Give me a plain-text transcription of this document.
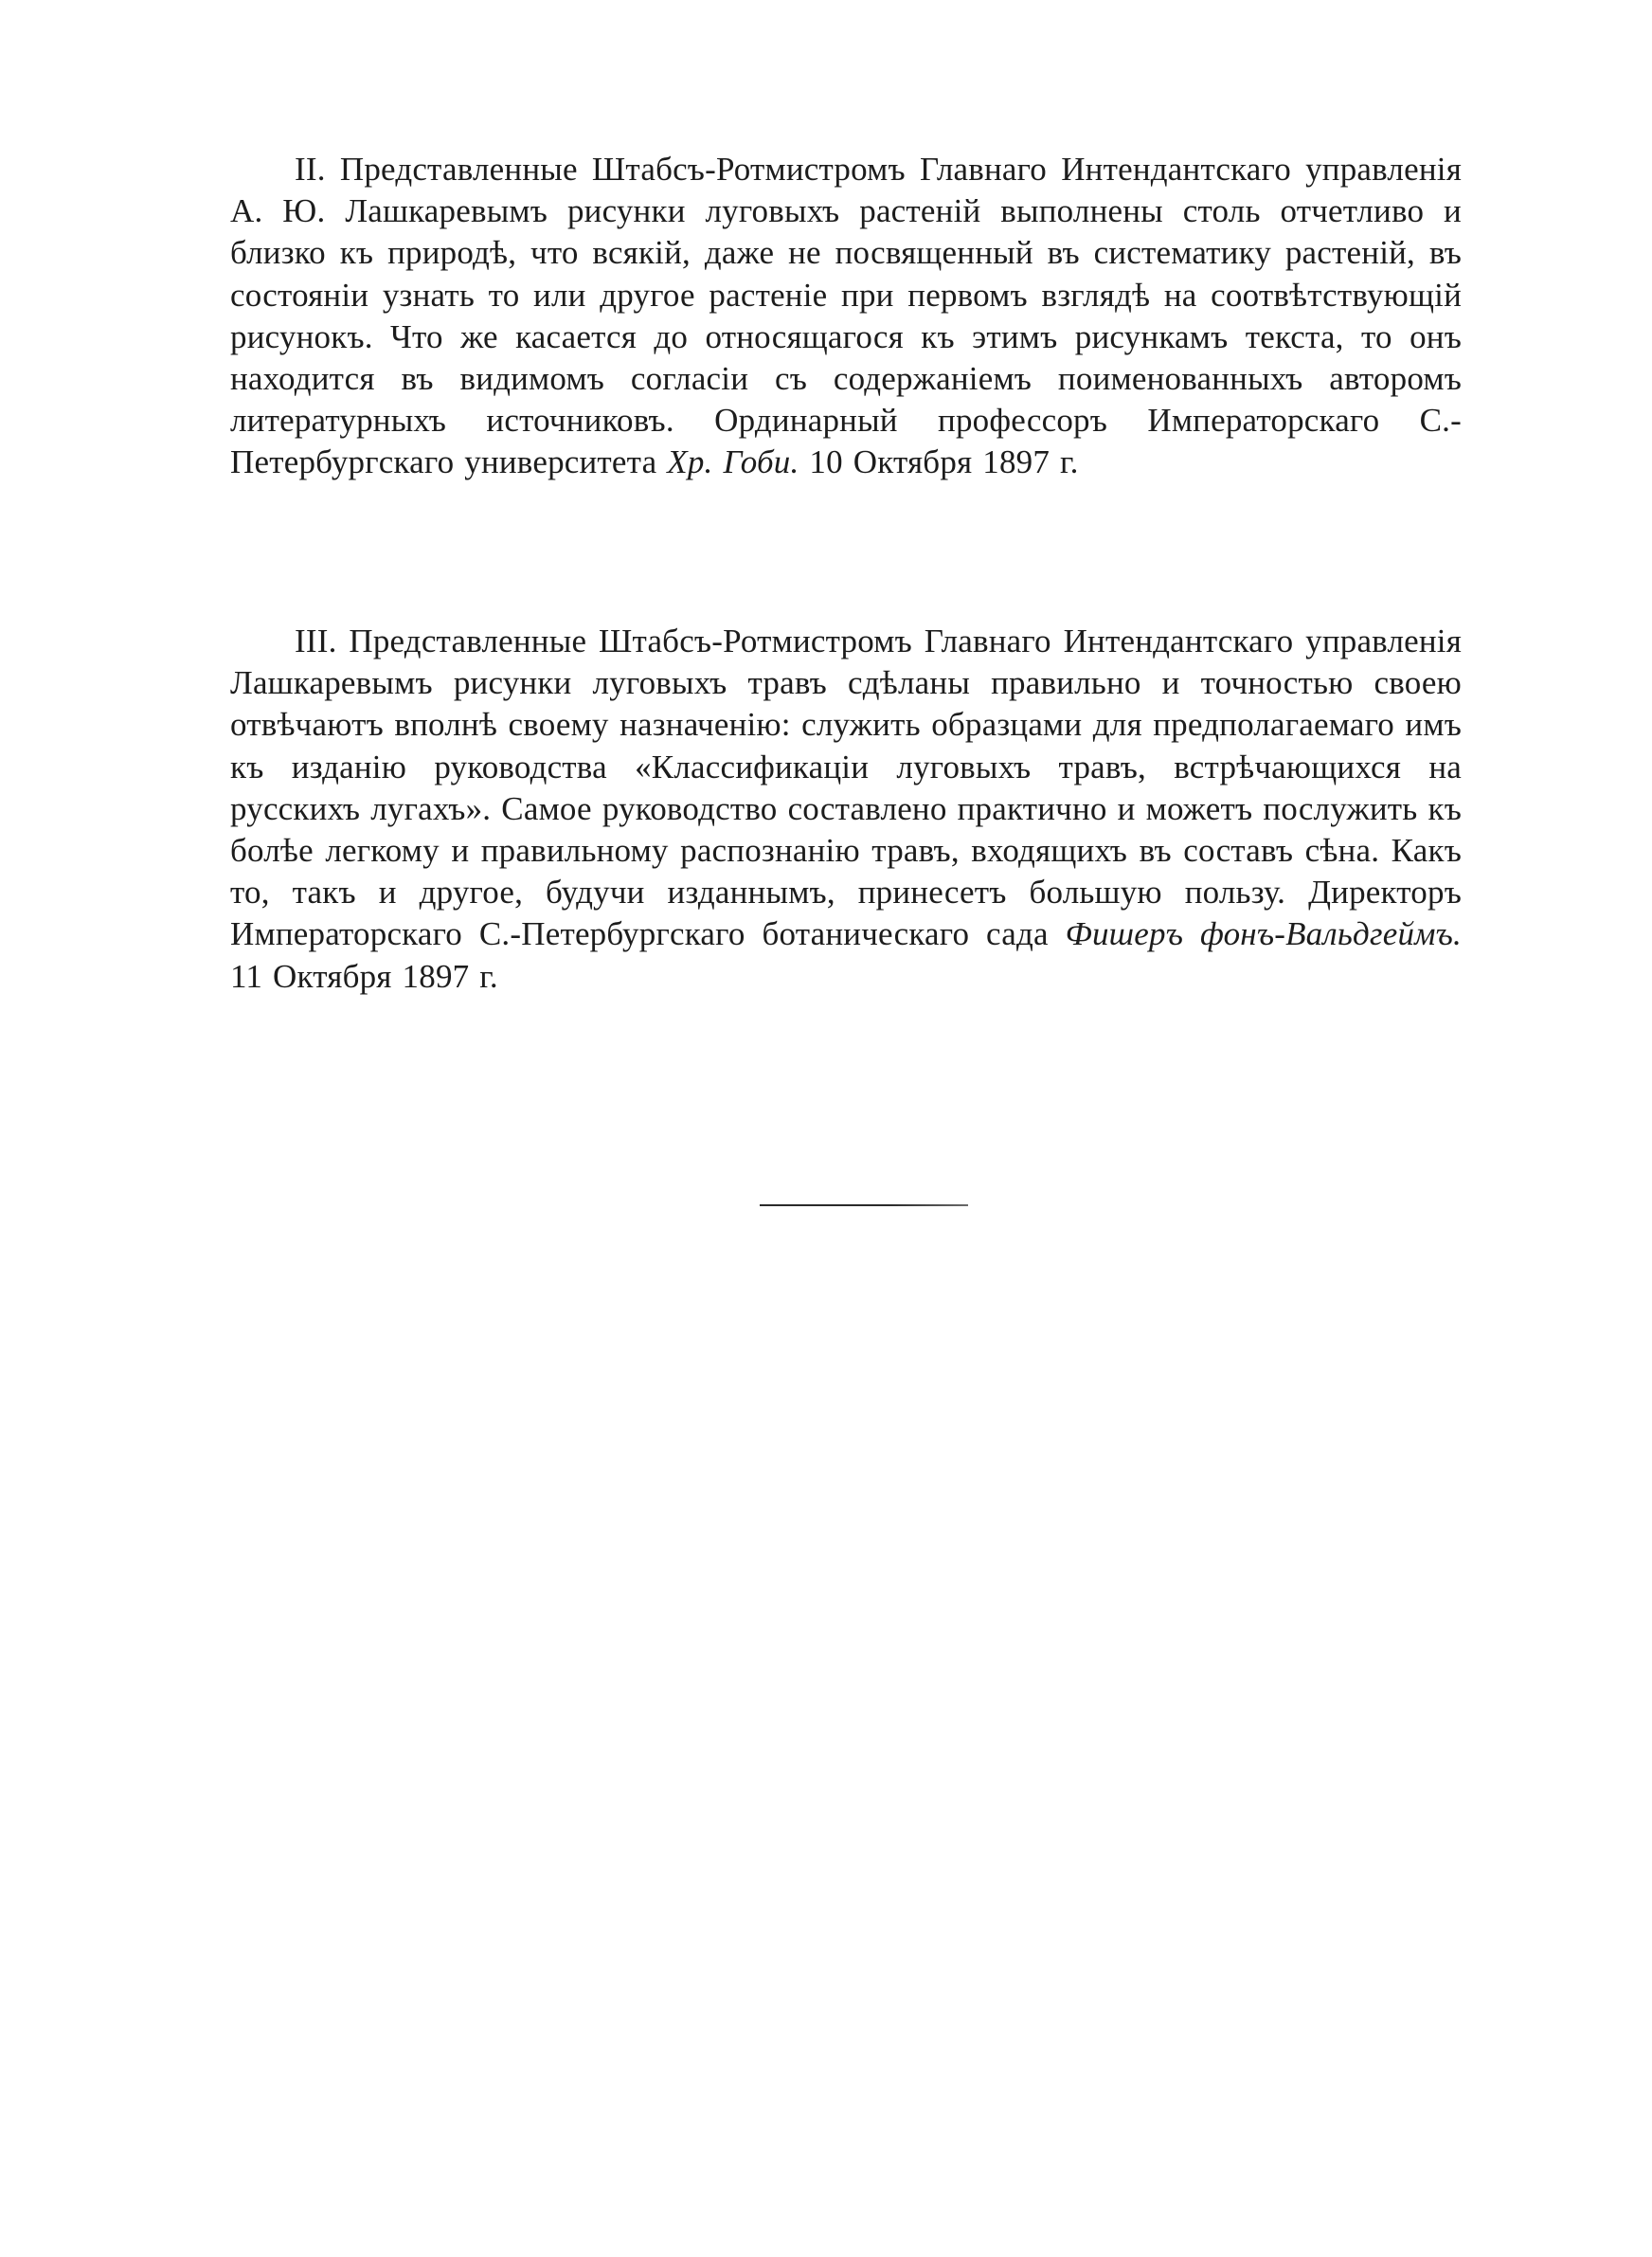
II. Представленные Штабсъ-Ротмистромъ Главнаго Интендантскаго управленія А. Ю. Лашкаревымъ рисунки луговыхъ растеній выполнены столь отчетливо и близко къ природѣ, что всякій, даже не посвященный въ систематику растеній, въ состояніи узнать то или другое растеніе при первомъ взглядѣ на соотвѣтствующій рисунокъ. Что же касается до относящагося къ этимъ рисункамъ текста, то онъ находится въ видимомъ согласіи съ содержаніемъ поименованныхъ авторомъ литературныхъ источниковъ. Ординарный профессоръ Императорскаго С.-Петербургскаго университета Хр. Гоби. 10 Октября 1897 г.

III. Представленные Штабсъ-Ротмистромъ Главнаго Интендантскаго управленія Лашкаревымъ рисунки луговыхъ травъ сдѣланы правильно и точностью своею отвѣчаютъ вполнѣ своему назначенію: служить образцами для предполагаемаго имъ къ изданію руководства «Классификаціи луговыхъ травъ, встрѣчающихся на русскихъ лугахъ». Самое руководство составлено практично и можетъ послужить къ болѣе легкому и правильному распознанію травъ, входящихъ въ составъ сѣна. Какъ то, такъ и другое, будучи изданнымъ, принесетъ большую пользу. Директоръ Императорскаго С.-Петербургскаго ботаническаго сада Фишеръ фонъ-Вальдгеймъ. 11 Октября 1897 г.
